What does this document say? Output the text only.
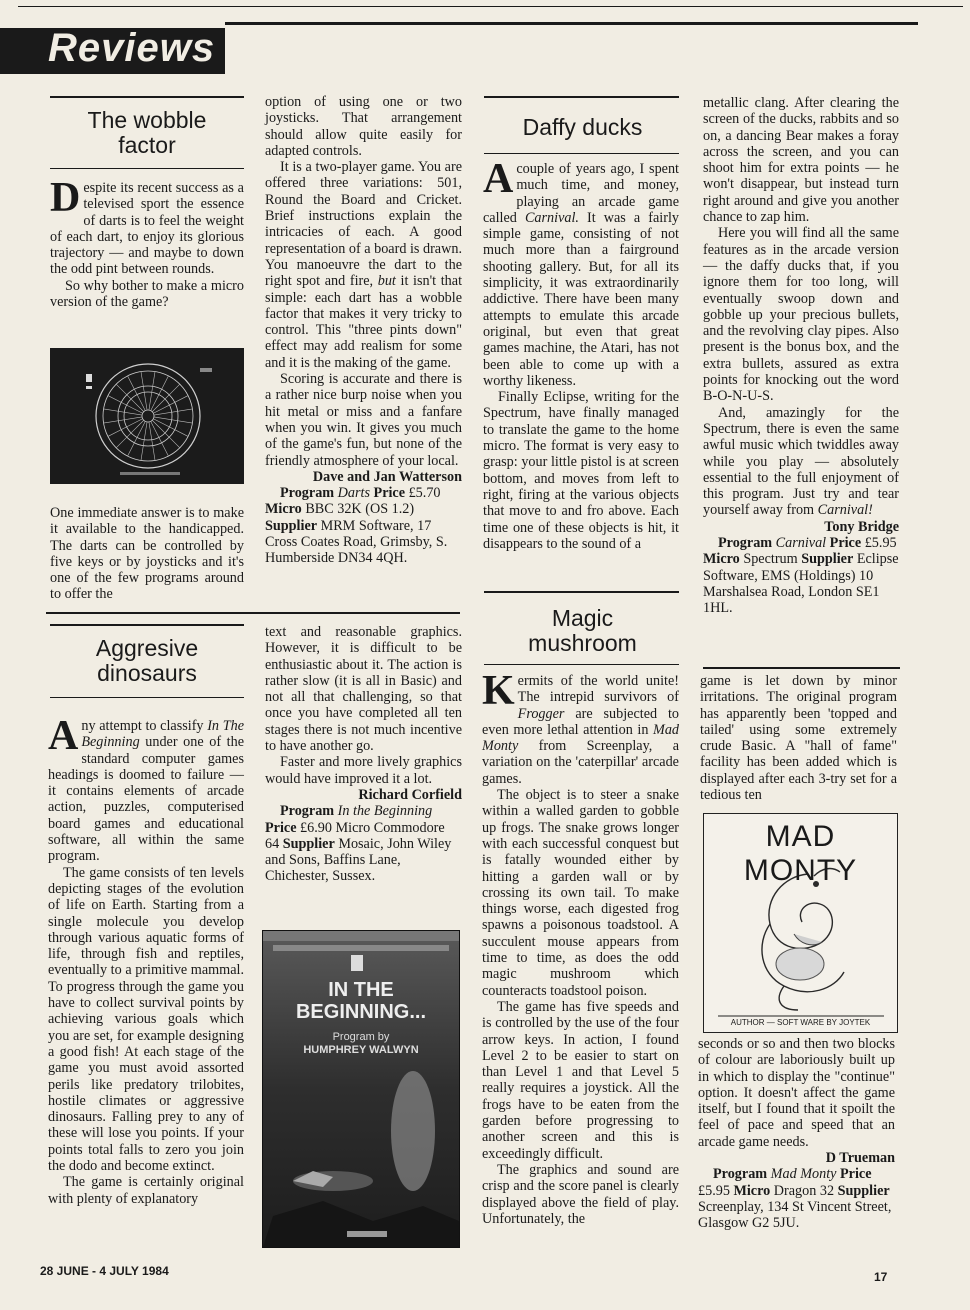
Reviews
The wobble
factor

Despite its recent success as a televised sport the essence of darts is to feel the weight of each dart, to enjoy its glorious trajectory — and maybe to down the odd pint between rounds.

So why bother to make a micro version of the game?

One immediate answer is to make it available to the handicapped. The darts can be controlled by five keys or by joysticks and it's one of the few programs around to offer the

option of using one or two joysticks. That arrangement should allow quite easily for adapted controls.

It is a two-player game. You are offered three variations: 501, Round the Board and Cricket. Brief instructions explain the intricacies of each. A good representation of a board is drawn. You manoeuvre the dart to the right spot and fire, but it isn't that simple: each dart has a wobble factor that makes it very tricky to control. This "three pints down" effect may add realism for some and it is the making of the game.

Scoring is accurate and there is a rather nice burp noise when you hit metal or miss and a fanfare when you win. It gives you much of the game's fun, but none of the friendly atmosphere of your local.

Dave and Jan Watterson

Program Darts Price £5.70 Micro BBC 32K (OS 1.2) Supplier MRM Software, 17 Cross Coates Road, Grimsby, S. Humberside DN34 4QH.

Aggresive
dinosaurs

Any attempt to classify In The Beginning under one of the standard computer games headings is doomed to failure — it contains elements of arcade action, puzzles, computerised board games and educational software, all within the same program.

The game consists of ten levels depicting stages of the evolution of life on Earth. Starting from a single molecule you develop through various aquatic forms of life, through fish and reptiles, eventually to a primitive mammal. To progress through the game you have to collect survival points by achieving various goals which you are set, for example designing a good fish! At each stage of the game you must avoid assorted perils like predatory trilobites, hostile climates or aggressive dinosaurs. Falling prey to any of these will lose you points. If your points total falls to zero you join the dodo and become extinct.

The game is certainly original with plenty of explanatory

text and reasonable graphics. However, it is difficult to be enthusiastic about it. The action is rather slow (it is all in Basic) and not all that challenging, so that once you have completed all ten stages there is not much incentive to have another go.

Faster and more lively graphics would have improved it a lot.

Richard Corfield

Program In the Beginning Price £6.90 Micro Commodore 64 Supplier Mosaic, John Wiley and Sons, Baffins Lane, Chichester, Sussex.

IN THE BEGINNING...
Program by
HUMPHREY WALWYN
Daffy ducks

Acouple of years ago, I spent much time, and money, playing an arcade game called Carnival. It was a fairly simple game, consisting of not much more than a fairground shooting gallery. But, for all its simplicity, it was extraordinarily addictive. There have been many attempts to emulate this arcade original, but even that great games machine, the Atari, has not been able to come up with a worthy likeness.

Finally Eclipse, writing for the Spectrum, have finally managed to translate the game to the home micro. The format is very easy to grasp: your little pistol is at screen bottom, and moves from left to right, firing at the various objects that move to and fro above. Each time one of these objects is hit, it disappears to the sound of a

metallic clang. After clearing the screen of the ducks, rabbits and so on, a dancing Bear makes a foray across the screen, and you can shoot him for extra points — he won't disappear, but instead turn right around and give you another chance to zap him.

Here you will find all the same features as in the arcade version — the daffy ducks that, if you ignore them for too long, will eventually swoop down and gobble up your precious bullets, and the revolving clay pipes. Also present is the bonus box, and the extra bullets, assured as extra points for knocking out the word B-O-N-U-S.

And, amazingly for the Spectrum, there is even the same awful music which twiddles away while you play — absolutely essential to the full enjoyment of this program. Just try and tear yourself away from Carnival!

Tony Bridge

Program Carnival Price £5.95 Micro Spectrum Supplier Eclipse Software, EMS (Holdings) 10 Marshalsea Road, London SE1 1HL.

Magic
mushroom

Kermits of the world unite! The intrepid survivors of Frogger are subjected to even more lethal attention in Mad Monty from Screenplay, a variation on the 'caterpillar' arcade games.

The object is to steer a snake within a walled garden to gobble up frogs. The snake grows longer with each successful conquest but is fatally wounded either by hitting a garden wall or by crossing its own tail. To make things worse, each digested frog spawns a poisonous toadstool. A succulent mouse appears from time to time, as does the odd magic mushroom which counteracts toadstool poison.

The game has five speeds and is controlled by the use of the four arrow keys. In action, I found Level 2 to be easier to start on than Level 1 and that Level 5 really requires a joystick. All the frogs have to be eaten from the garden before progressing to another screen and this is exceedingly difficult.

The graphics and sound are crisp and the score panel is clearly displayed above the field of play. Unfortunately, the

game is let down by minor irritations. The original program has apparently been 'topped and tailed' using some extremely crude Basic. A "hall of fame" facility has been added which is displayed after each 3-try set for a tedious ten

MAD MONTY
AUTHOR — SOFT WARE BY JOYTEK

seconds or so and then two blocks of colour are laboriously built up in which to display the "continue" option. It doesn't affect the game itself, but I found that it spoilt the feel of pace and speed that an arcade game needs.

D Trueman

Program Mad Monty Price £5.95 Micro Dragon 32 Supplier Screenplay, 134 St Vincent Street, Glasgow G2 5JU.

28 JUNE - 4 JULY 1984	17
